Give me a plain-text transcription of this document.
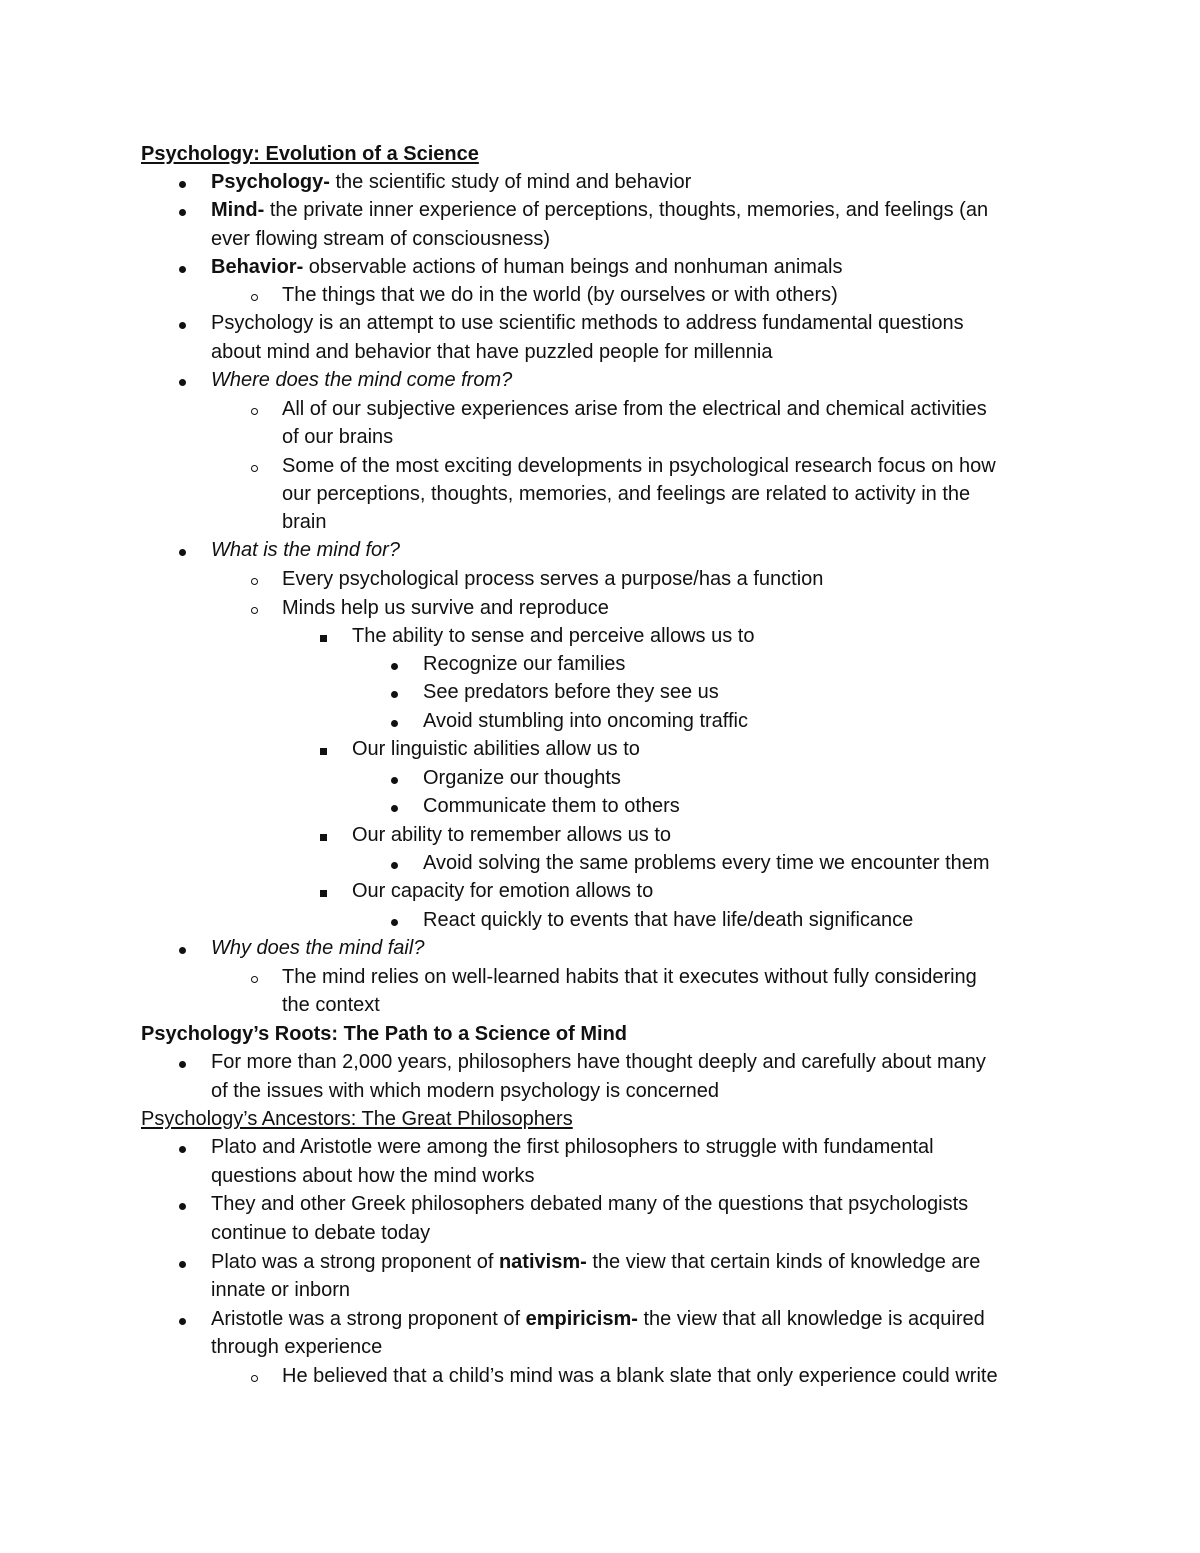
Psychology: Evolution of a Science
Psychology- the scientific study of mind and behavior
Mind- the private inner experience of perceptions, thoughts, memories, and feelings (an
ever flowing stream of consciousness)
Behavior- observable actions of human beings and nonhuman animals
The things that we do in the world (by ourselves or with others)
Psychology is an attempt to use scientific methods to address fundamental questions
about mind and behavior that have puzzled people for millennia
Where does the mind come from?
All of our subjective experiences arise from the electrical and chemical activities
of our brains
Some of the most exciting developments in psychological research focus on how
our perceptions, thoughts, memories, and feelings are related to activity in the
brain
What is the mind for?
Every psychological process serves a purpose/has a function
Minds help us survive and reproduce
The ability to sense and perceive allows us to
Recognize our families
See predators before they see us
Avoid stumbling into oncoming traffic
Our linguistic abilities allow us to
Organize our thoughts
Communicate them to others
Our ability to remember allows us to
Avoid solving the same problems every time we encounter them
Our capacity for emotion allows to
React quickly to events that have life/death significance
Why does the mind fail?
The mind relies on well-learned habits that it executes without fully considering
the context
Psychology’s Roots: The Path to a Science of Mind
For more than 2,000 years, philosophers have thought deeply and carefully about many
of the issues with which modern psychology is concerned
Psychology’s Ancestors: The Great Philosophers
Plato and Aristotle were among the first philosophers to struggle with fundamental
questions about how the mind works
They and other Greek philosophers debated many of the questions that psychologists
continue to debate today
Plato was a strong proponent of nativism- the view that certain kinds of knowledge are
innate or inborn
Aristotle was a strong proponent of empiricism- the view that all knowledge is acquired
through experience
He believed that a child’s mind was a blank slate that only experience could write
